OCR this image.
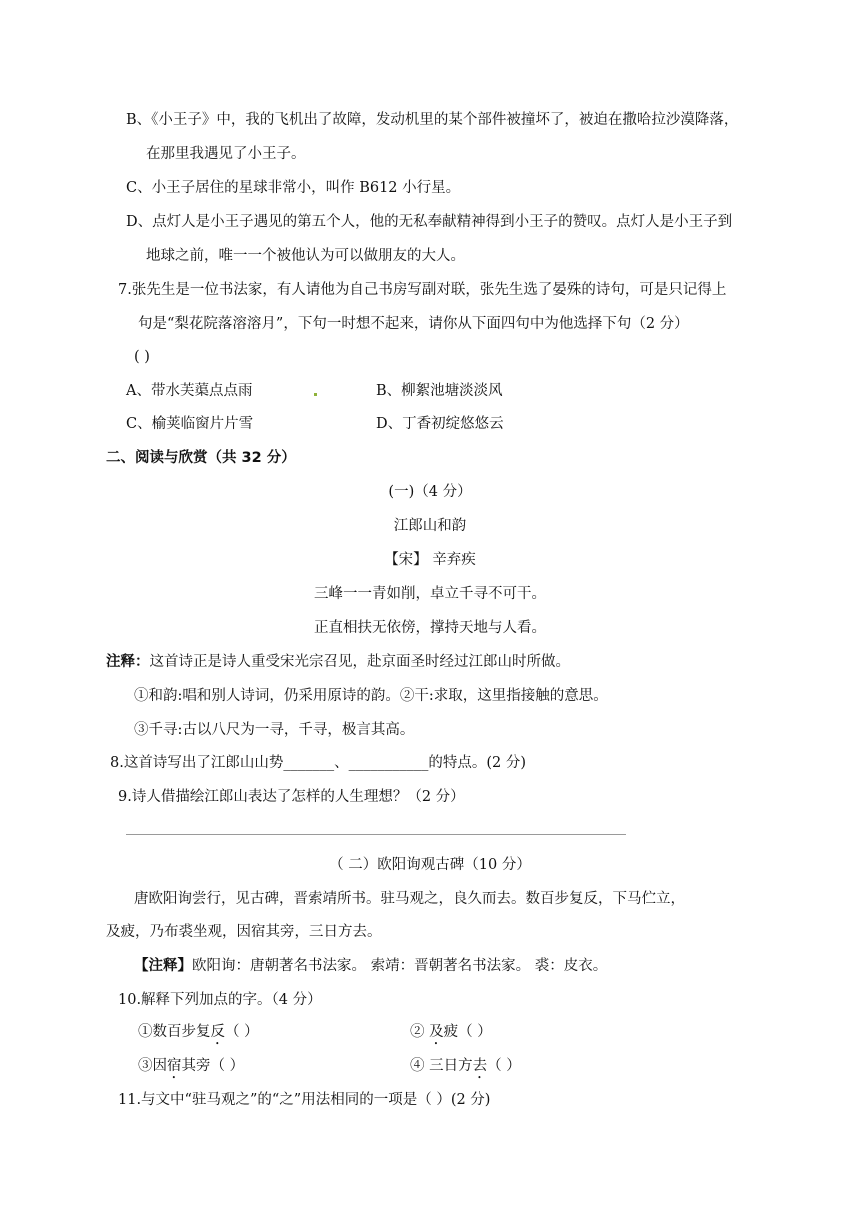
B、《小王子》中，我的飞机出了故障，发动机里的某个部件被撞坏了，被迫在撒哈拉沙漠降落，
在那里我遇见了小王子。
C、小王子居住的星球非常小，叫作 B612 小行星。
D、点灯人是小王子遇见的第五个人，他的无私奉献精神得到小王子的赞叹。点灯人是小王子到
地球之前，唯一一个被他认为可以做朋友的大人。
7.张先生是一位书法家，有人请他为自己书房写副对联，张先生选了晏殊的诗句，可是只记得上
句是“梨花院落溶溶月”，下句一时想不起来，请你从下面四句中为他选择下句（2 分）
( )
A、带水芙蕖点点雨	B、柳絮池塘淡淡风
C、榆荚临窗片片雪	D、丁香初绽悠悠云
二、阅读与欣赏（共 32 分）
(一)（4 分）
江郎山和韵
【宋】 辛弃疾
三峰一一青如削，卓立千寻不可干。
正直相扶无依傍，撑持天地与人看。
注释：这首诗正是诗人重受宋光宗召见，赴京面圣时经过江郎山时所做。
①和韵:唱和别人诗词，仍采用原诗的韵。②干:求取，这里指接触的意思。
③千寻:古以八尺为一寻，千寻，极言其高。
8.这首诗写出了江郎山山势_______、___________的特点。(2 分)
9.诗人借描绘江郎山表达了怎样的人生理想？（2 分）
（ 二）欧阳询观古碑（10 分）
唐欧阳询尝行，见古碑，晋索靖所书。驻马观之，良久而去。数百步复反，下马伫立，
及疲，乃布裘坐观，因宿其旁，三日方去。
【注释】欧阳询：唐朝著名书法家。 索靖：晋朝著名书法家。 裘：皮衣。
10.解释下列加点的字。（4 分）
①数百步复反（ ）	② 及疲（ ）
③因宿其旁（ ）	④ 三日方去（ ）
11.与文中“驻马观之”的“之”用法相同的一项是（ ）(2 分)
